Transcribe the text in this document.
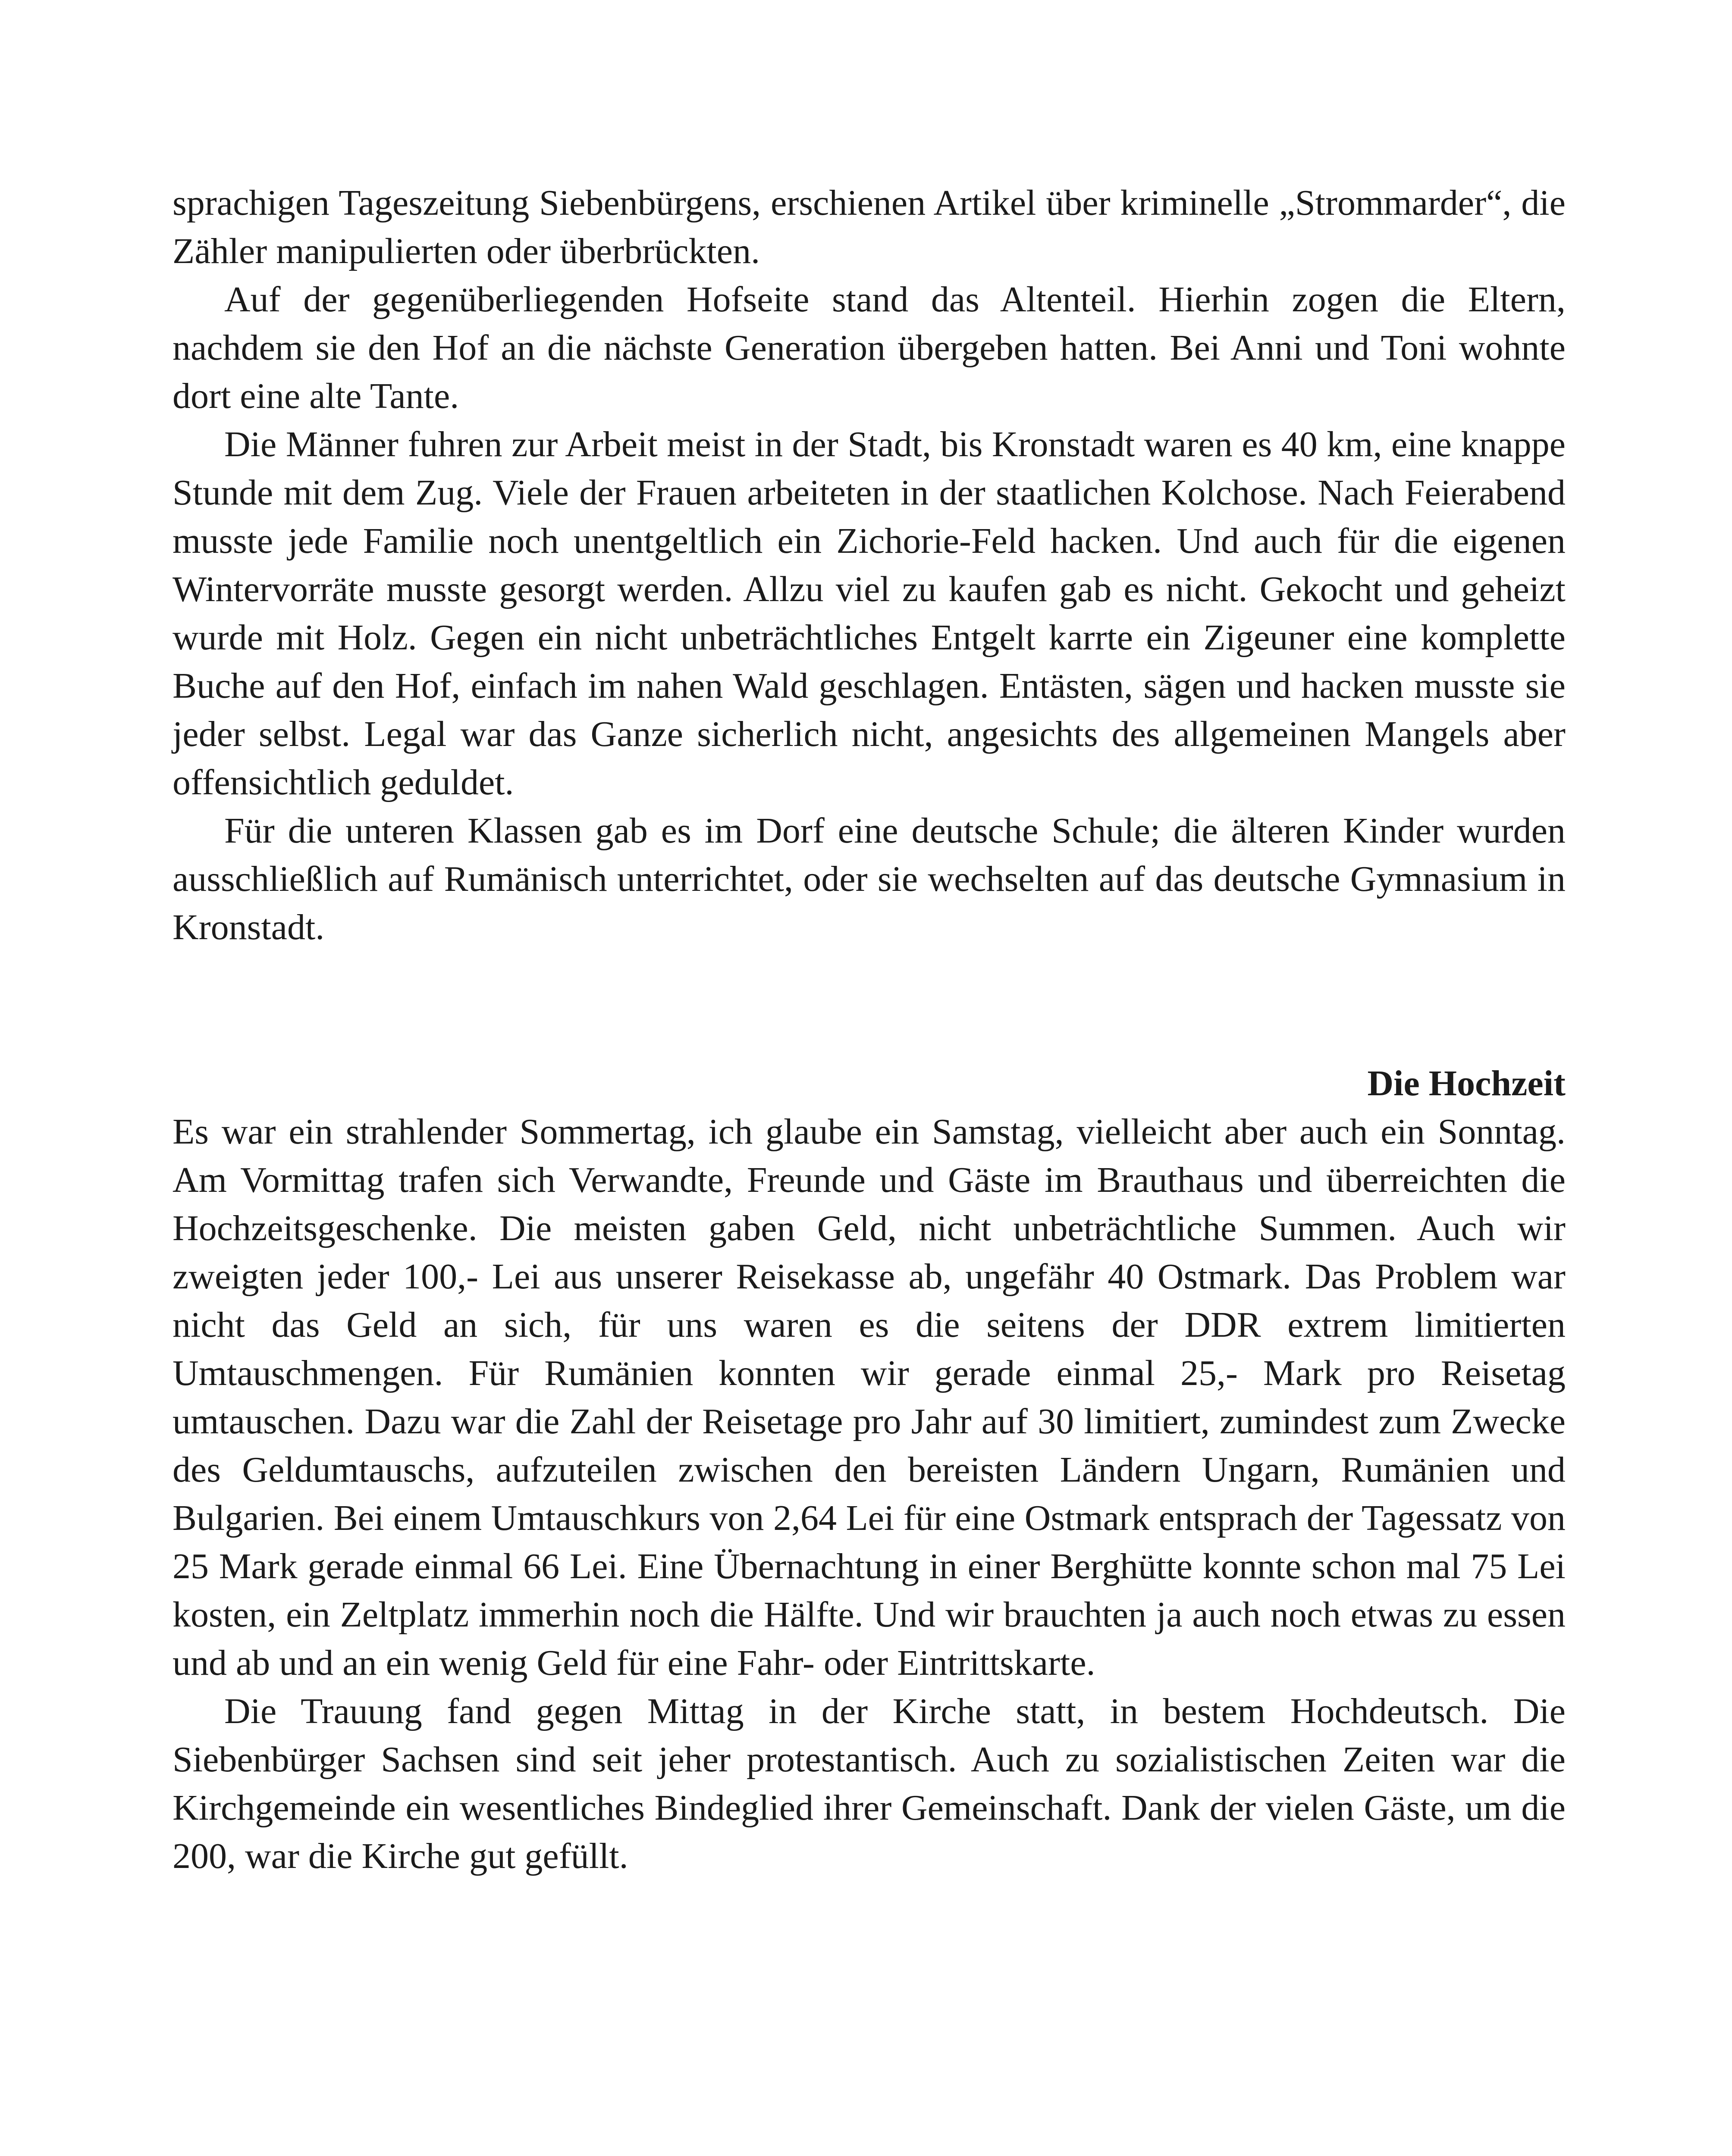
sprachigen Tageszeitung Siebenbürgens, erschienen Artikel über kriminelle „Strommarder“, die Zähler manipulierten oder überbrückten.

Auf der gegenüberliegenden Hofseite stand das Altenteil. Hierhin zogen die Eltern, nachdem sie den Hof an die nächste Generation übergeben hatten. Bei Anni und Toni wohnte dort eine alte Tante.

Die Männer fuhren zur Arbeit meist in der Stadt, bis Kronstadt waren es 40 km, eine knappe Stunde mit dem Zug. Viele der Frauen arbeiteten in der staatlichen Kolchose. Nach Feierabend musste jede Familie noch unentgeltlich ein Zichorie-Feld hacken. Und auch für die eigenen Wintervorräte musste gesorgt werden. Allzu viel zu kaufen gab es nicht. Gekocht und geheizt wurde mit Holz. Gegen ein nicht unbeträchtliches Entgelt karrte ein Zigeuner eine komplette Buche auf den Hof, einfach im nahen Wald geschlagen. Entästen, sägen und hacken musste sie jeder selbst. Legal war das Ganze sicherlich nicht, angesichts des allgemeinen Mangels aber offensichtlich geduldet.

Für die unteren Klassen gab es im Dorf eine deutsche Schule; die älteren Kinder wurden ausschließlich auf Rumänisch unterrichtet, oder sie wechselten auf das deutsche Gymnasium in Kronstadt.

Die Hochzeit

Es war ein strahlender Sommertag, ich glaube ein Samstag, vielleicht aber auch ein Sonntag. Am Vormittag trafen sich Verwandte, Freunde und Gäste im Brauthaus und überreichten die Hochzeitsgeschenke. Die meisten gaben Geld, nicht unbeträchtliche Summen. Auch wir zweigten jeder 100,- Lei aus unserer Reisekasse ab, ungefähr 40 Ostmark. Das Problem war nicht das Geld an sich, für uns waren es die seitens der DDR extrem limitierten Umtauschmengen. Für Rumänien konnten wir gerade einmal 25,- Mark pro Reisetag umtauschen. Dazu war die Zahl der Reisetage pro Jahr auf 30 limitiert, zumindest zum Zwecke des Geldumtauschs, aufzuteilen zwischen den bereisten Ländern Ungarn, Rumänien und Bulgarien. Bei einem Umtauschkurs von 2,64 Lei für eine Ostmark entsprach der Tagessatz von 25 Mark gerade einmal 66 Lei. Eine Übernachtung in einer Berghütte konnte schon mal 75 Lei kosten, ein Zeltplatz immerhin noch die Hälfte. Und wir brauchten ja auch noch etwas zu essen und ab und an ein wenig Geld für eine Fahr- oder Eintrittskarte.

Die Trauung fand gegen Mittag in der Kirche statt, in bestem Hochdeutsch. Die Siebenbürger Sachsen sind seit jeher protestantisch. Auch zu sozialistischen Zeiten war die Kirchgemeinde ein wesentliches Bindeglied ihrer Gemeinschaft. Dank der vielen Gäste, um die 200, war die Kirche gut gefüllt.
